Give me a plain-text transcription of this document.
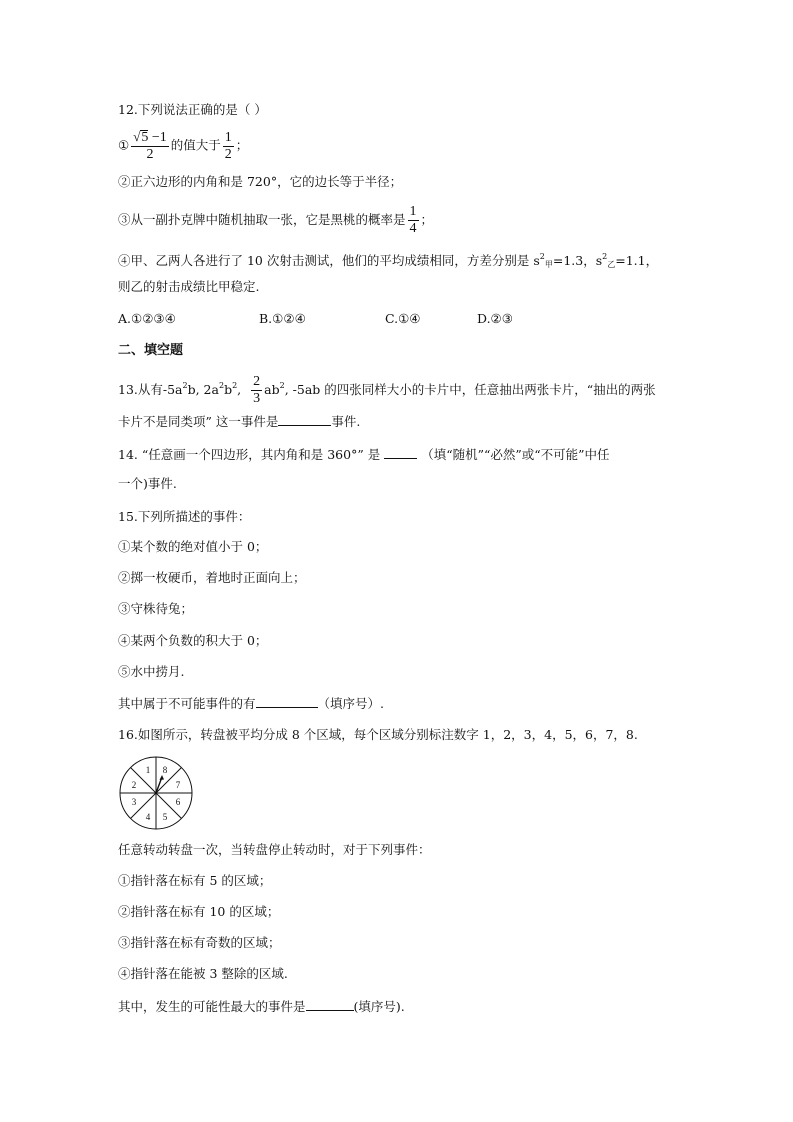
12.下列说法正确的是（ ）
① $\frac{√5 -1}{2}$ 的值大于 $\frac{1}{2}$ ；
②正六边形的内角和是 720°，它的边长等于半径；
③从一副扑克牌中随机抽取一张，它是黑桃的概率是 $\frac{1}{4}$ ；
④甲、乙两人各进行了 10 次射击测试，他们的平均成绩相同，方差分别是 $s^2_甲=1.3$，$s^2_乙=1.1$，
则乙的射击成绩比甲稳定.
A.①②③④	B.①②④	C.①④	D.②③
二、填空题
13.从有$-5a^2b$, $2a^2b^2$, $\frac{2}{3} ab^2$, -5ab 的四张同样大小的卡片中，任意抽出两张卡片，“抽出的两张
卡片不是同类项” 这一事件是	事件.
14. “任意画一个四边形，其内角和是 360°” 是	（填“随机”“必然”或“不可能”中任
一个)事件.
15.下列所描述的事件：
①某个数的绝对值小于 0；
②掷一枚硬币，着地时正面向上；
③守株待兔；
④某两个负数的积大于 0；
⑤水中捞月.
其中属于不可能事件的有	（填序号）.
16.如图所示，转盘被平均分成 8 个区域，每个区域分别标注数字 1，2，3，4，5，6，7，8.
1 8
7
6
5
4
3
2
任意转动转盘一次，当转盘停止转动时，对于下列事件：
①指针落在标有 5 的区域；
②指针落在标有 10 的区域；
③指针落在标有奇数的区域；
④指针落在能被 3 整除的区域.
其中，发生的可能性最大的事件是	(填序号).
